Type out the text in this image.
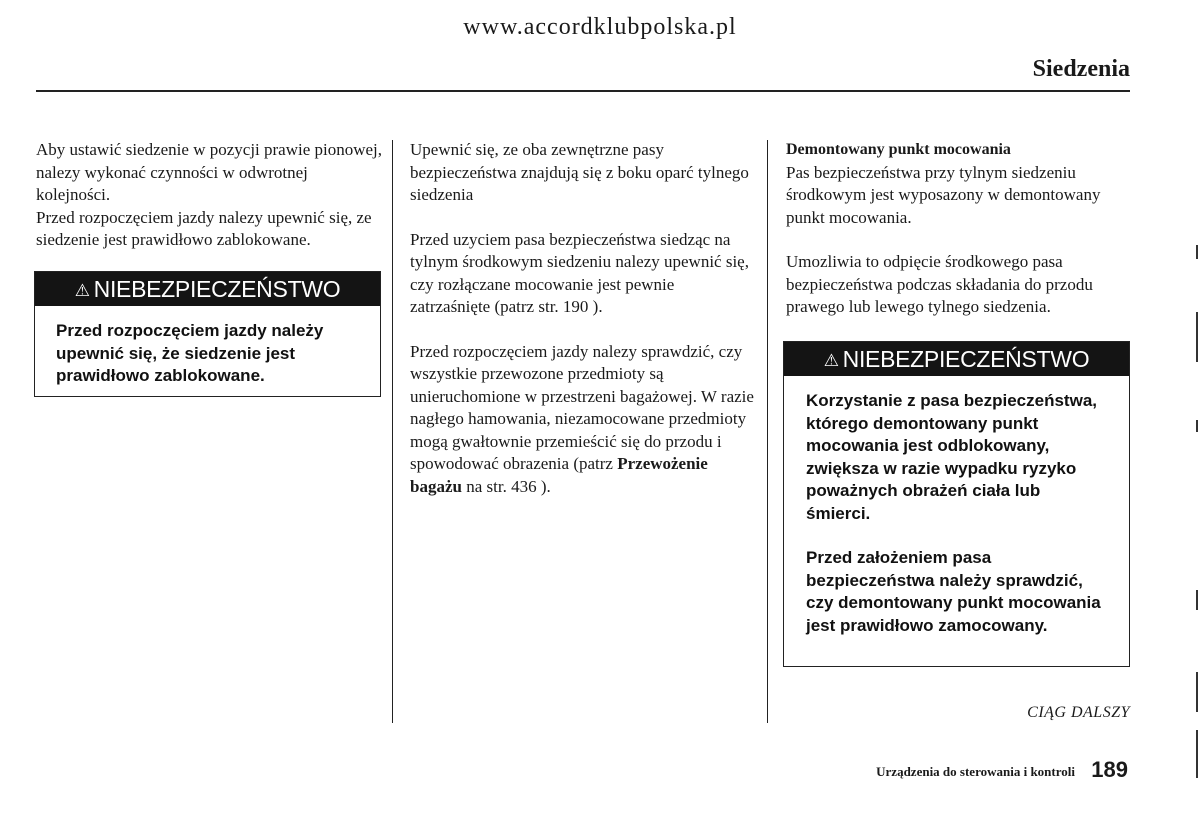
www.accordklubpolska.pl
Siedzenia

Aby ustawić siedzenie w pozycji prawie pionowej, nalezy wykonać czynności w odwrotnej kolejności.

Przed rozpoczęciem jazdy nalezy upewnić się, ze siedzenie jest prawidłowo zablokowane.

⚠ NIEBEZPIECZEŃSTWO

Przed rozpoczęciem jazdy należy upewnić się, że siedzenie jest prawidłowo zablokowane.

Upewnić się, ze oba zewnętrzne pasy bezpieczeństwa znajdują się z boku oparć tylnego siedzenia

Przed uzyciem pasa bezpieczeństwa siedząc na tylnym środkowym siedzeniu nalezy upewnić się, czy rozłączane mocowanie jest pewnie zatrzaśnięte (patrz str. 190 ).

Przed rozpoczęciem jazdy nalezy sprawdzić, czy wszystkie przewozone przedmioty są unieruchomione w przestrzeni bagażowej. W razie nagłego hamowania, niezamocowane przedmioty mogą gwałtownie przemieścić się do przodu i spowodować obrazenia (patrz Przewożenie bagażu na str. 436 ).

Demontowany punkt mocowania

Pas bezpieczeństwa przy tylnym siedzeniu środkowym jest wyposazony w demontowany punkt mocowania.

Umozliwia to odpięcie środkowego pasa bezpieczeństwa podczas składania do przodu prawego lub lewego tylnego siedzenia.

⚠ NIEBEZPIECZEŃSTWO

Korzystanie z pasa bezpieczeństwa, którego demontowany punkt mocowania jest odblokowany, zwiększa w razie wypadku ryzyko poważnych obrażeń ciała lub śmierci.

Przed założeniem pasa bezpieczeństwa należy sprawdzić, czy demontowany punkt mocowania jest prawidłowo zamocowany.

CIĄG DALSZY
Urządzenia do sterowania i kontroli 189
